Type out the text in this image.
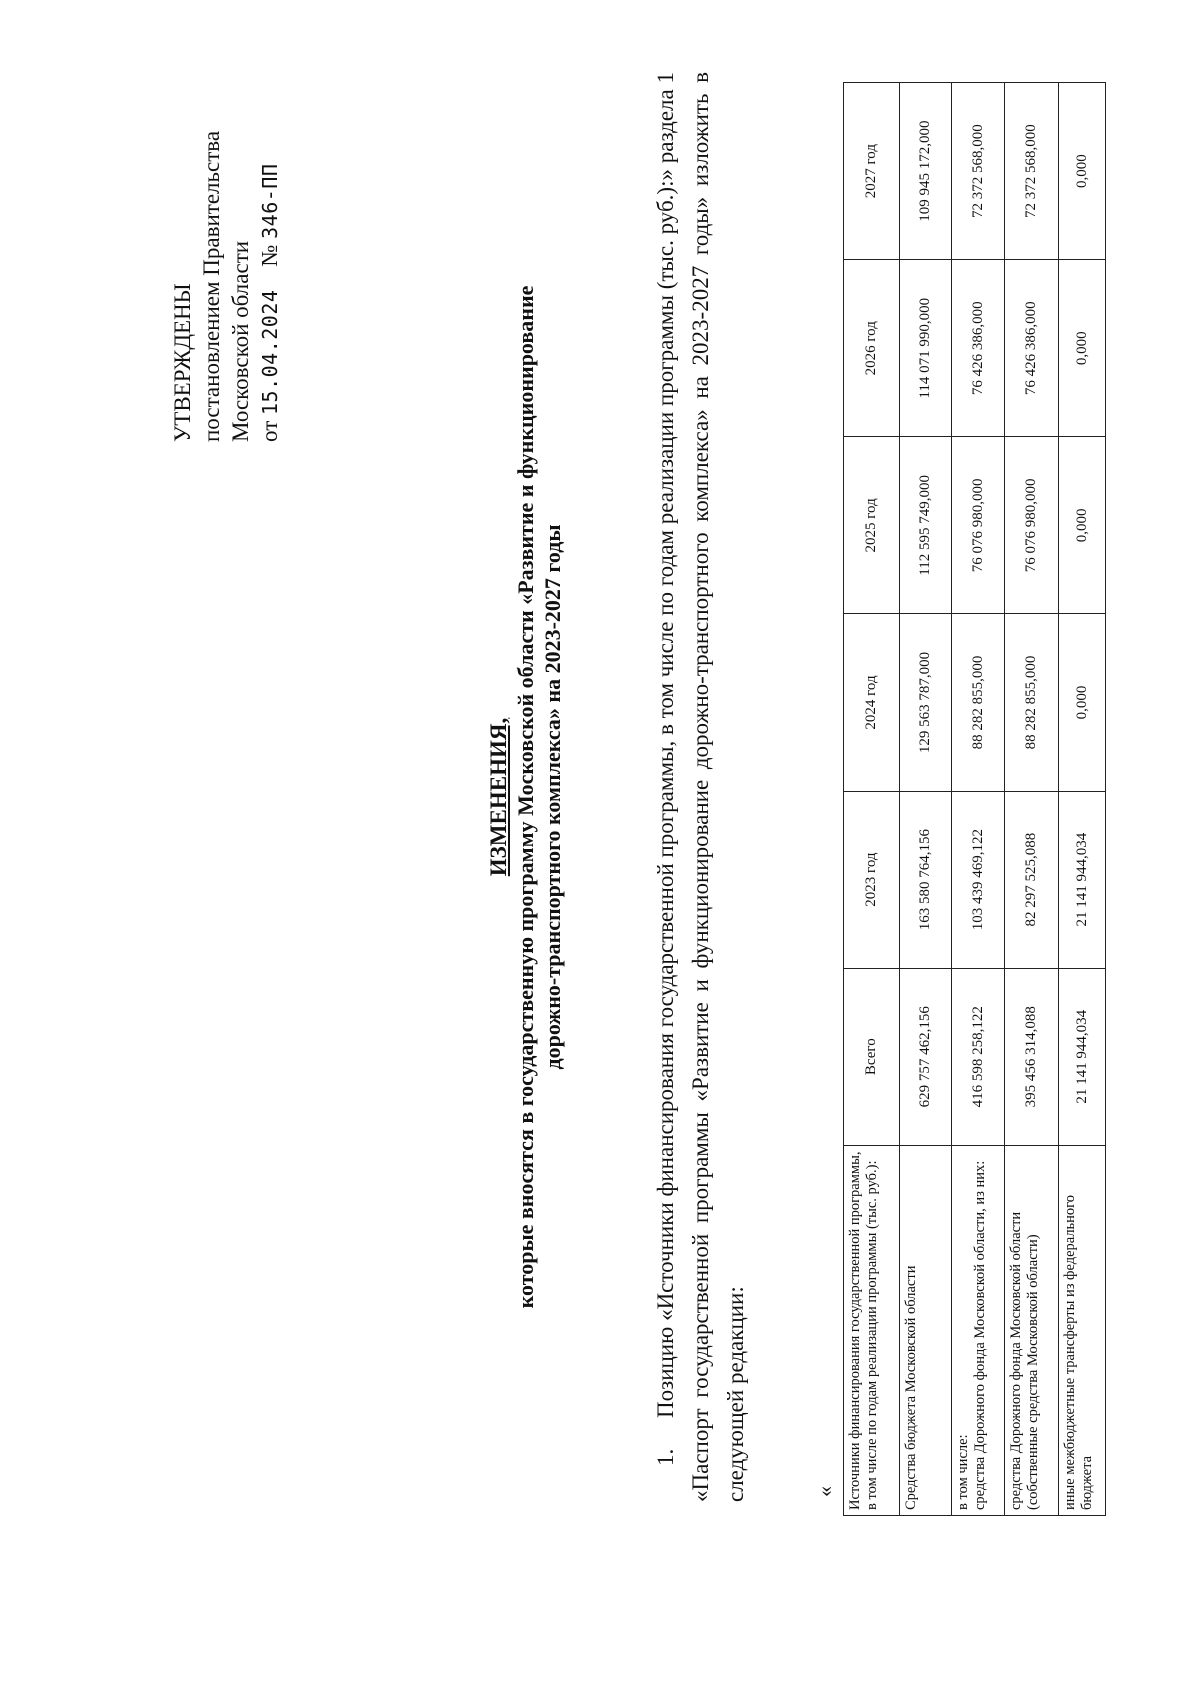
УТВЕРЖДЕНЫ постановлением Правительства Московской области от 15.04.2024    № 346-ПП
ИЗМЕНЕНИЯ, которые вносятся в государственную программу Московской области «Развитие и функционирование дорожно-транспортного комплекса» на 2023-2027 годы
1.Позицию «Источники финансирования государственной программы, в том числе по годам реализации программы (тыс. руб.):» раздела 1 «Паспорт государственной программы «Развитие и функционирование дорожно-транспортного комплекса» на 2023-2027 годы» изложить в следующей редакции:	« Источники финансирования государственной программы, в том числе по годам реализации программы (тыс. руб.):	Всего	2023 год	2024 год	2025 год	2026 год	2027 год
Средства бюджета Московской области	629 757 462,156	163 580 764,156	129 563 787,000	112 595 749,000	114 071 990,000	109 945 172,000

в том числе: средства Дорожного фонда Московской области, из них:	416 598 258,122	103 439 469,122	88 282 855,000	76 076 980,000	76 426 386,000	72 372 568,000
средства Дорожного фонда Московской области (собственные средства Московской области)	395 456 314,088	82 297 525,088	88 282 855,000	76 076 980,000	76 426 386,000	72 372 568,000
иные межбюджетные трансферты из федерального бюджета	21 141 944,034	21 141 944,034	0,000	0,000	0,000	0,000
